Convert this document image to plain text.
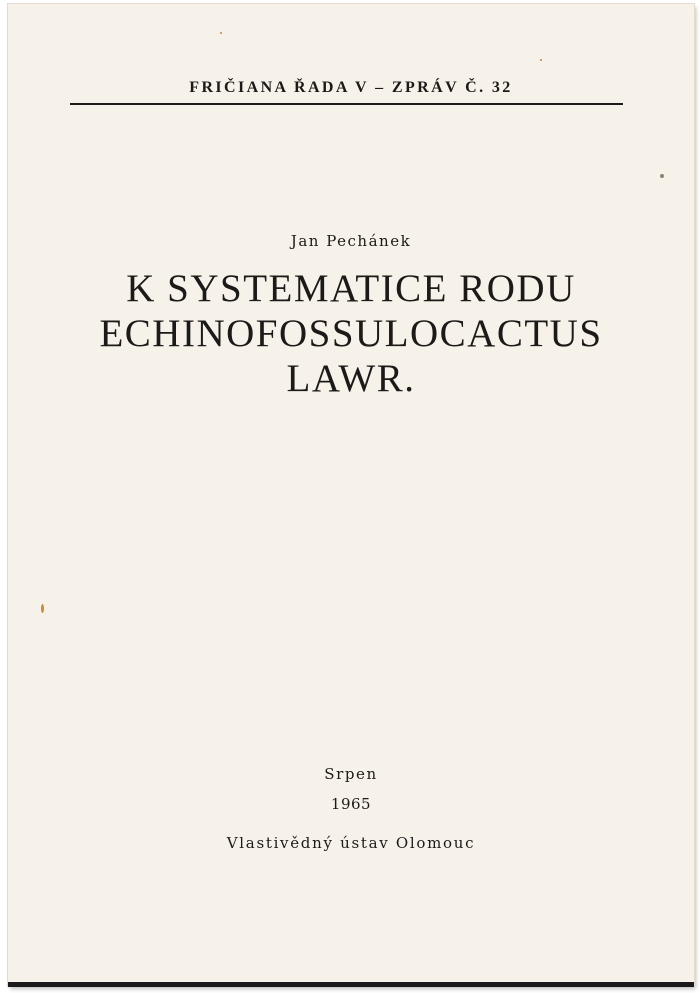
FRIČIANA ŘADA V – ZPRÁV Č. 32
Jan Pechánek
K SYSTEMATICE RODU
ECHINOFOSSULOCACTUS
LAWR.
Srpen
1965
Vlastivědný ústav Olomouc
